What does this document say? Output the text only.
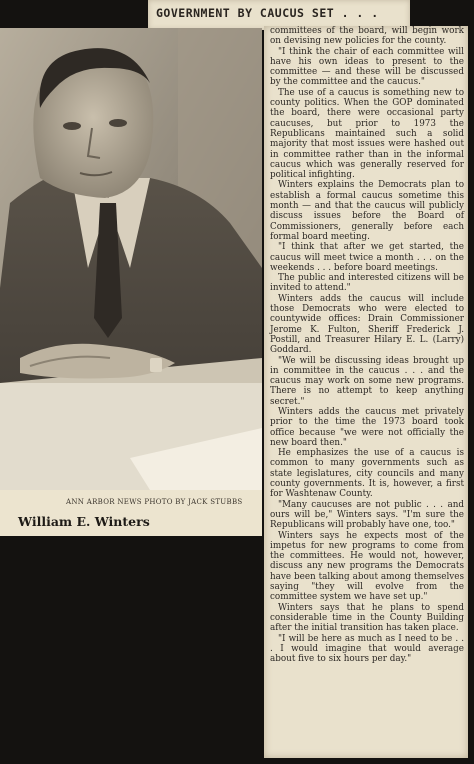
GOVERNMENT BY CAUCUS SET . . .
ANN ARBOR NEWS PHOTO BY JACK STUBBS
William E. Winters

committees of the board, will begin work on devising new policies for the county.

"I think the chair of each committee will have his own ideas to present to the committee — and these will be discussed by the committee and the caucus."

The use of a caucus is something new to county politics. When the GOP dominated the board, there were occasional party caucuses, but prior to 1973 the Republicans maintained such a solid majority that most issues were hashed out in committee rather than in the informal caucus which was generally reserved for political infighting.

Winters explains the Democrats plan to establish a formal caucus sometime this month — and that the caucus will publicly discuss issues before the Board of Commissioners, generally before each formal board meeting.

"I think that after we get started, the caucus will meet twice a month . . . on the weekends . . . before board meetings.

The public and interested citizens will be invited to attend."

Winters adds the caucus will include those Democrats who were elected to countywide offices: Drain Commissioner Jerome K. Fulton, Sheriff Frederick J. Postill, and Treasurer Hilary E. L. (Larry) Goddard.

"We will be discussing ideas brought up in committee in the caucus . . . and the caucus may work on some new programs. There is no attempt to keep anything secret."

Winters adds the caucus met privately prior to the time the 1973 board took office because "we were not officially the new board then."

He emphasizes the use of a caucus is common to many governments such as state legislatures, city councils and many county governments. It is, however, a first for Washtenaw County.

"Many caucuses are not public . . . and ours will be," Winters says. "I'm sure the Republicans will probably have one, too."

Winters says he expects most of the impetus for new programs to come from the committees. He would not, however, discuss any new programs the Democrats have been talking about among themselves saying "they will evolve from the committee system we have set up."

Winters says that he plans to spend considerable time in the County Building after the initial transition has taken place.

"I will be here as much as I need to be . . . I would imagine that would average about five to six hours per day."
